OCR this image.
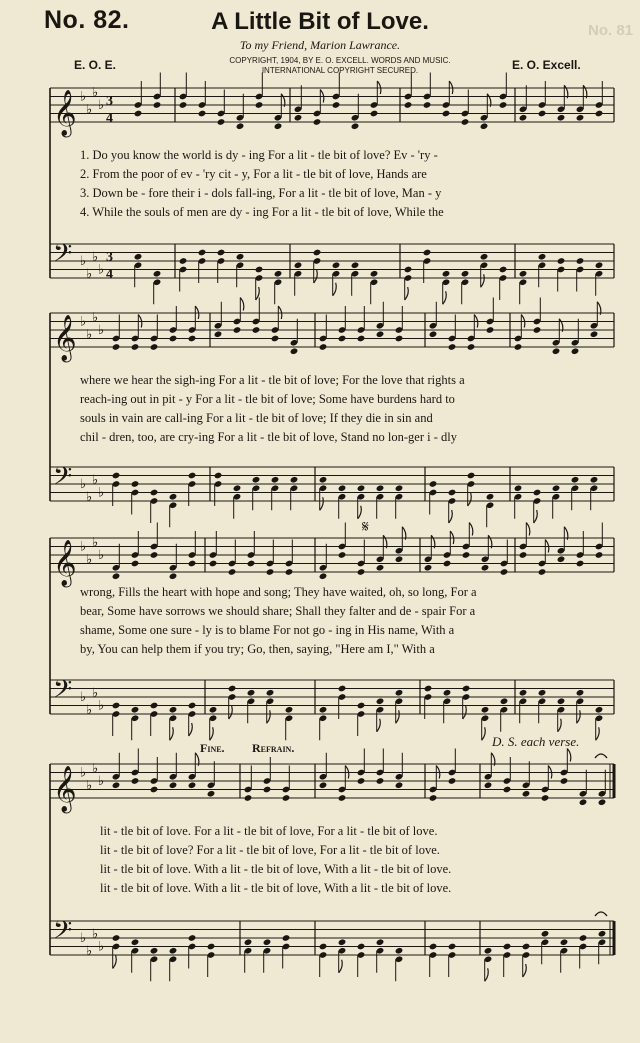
No. 82.	A Little Bit of Love.	No. 81
To my Friend, Marion Lawrance.
COPYRIGHT, 1904, BY E. O. EXCELL. WORDS AND MUSIC.
INTERNATIONAL COPYRIGHT SECURED.
E. O. E.	E. O. Excell.
𝄞 ♭
♭
♭
♭
𝄢 ♭
♭
♭
♭
3
4
3
4
𝄞 ♭
♭
♭
♭
𝄢 ♭
♭
♭
♭
𝄞 ♭
♭
♭
♭
𝄢 ♭
♭
♭
♭
𝄞 ♭
♭
♭
♭
𝄢 ♭
♭
♭
♭
𝄋
1. Do you know the world is dy - ing For a lit - tle bit of love? Ev - 'ry -
2. From the poor of ev - 'ry cit - y, For a lit - tle bit of love, Hands are
3. Down be - fore their i - dols fall-ing, For a lit - tle bit of love, Man - y
4. While the souls of men are dy - ing For a lit - tle bit of love, While the
where we hear the sigh-ing For a lit - tle bit of love; For the love that rights a
reach-ing out in pit - y For a lit - tle bit of love; Some have burdens hard to
souls in vain are call-ing For a lit - tle bit of love; If they die in sin and
chil - dren, too, are cry-ing For a lit - tle bit of love, Stand no lon-ger i - dly
wrong, Fills the heart with hope and song; They have waited, oh, so long, For a
bear, Some have sorrows we should share; Shall they falter and de - spair For a
shame, Some one sure - ly is to blame For not go - ing in His name, With a
by, You can help them if you try; Go, then, saying, "Here am I," With a
Fine. Refrain.	D. S. each verse.
lit - tle bit of love. For a lit - tle bit of love, For a lit - tle bit of love.
lit - tle bit of love? For a lit - tle bit of love, For a lit - tle bit of love.
lit - tle bit of love. With a lit - tle bit of love, With a lit - tle bit of love.
lit - tle bit of love. With a lit - tle bit of love, With a lit - tle bit of love.
